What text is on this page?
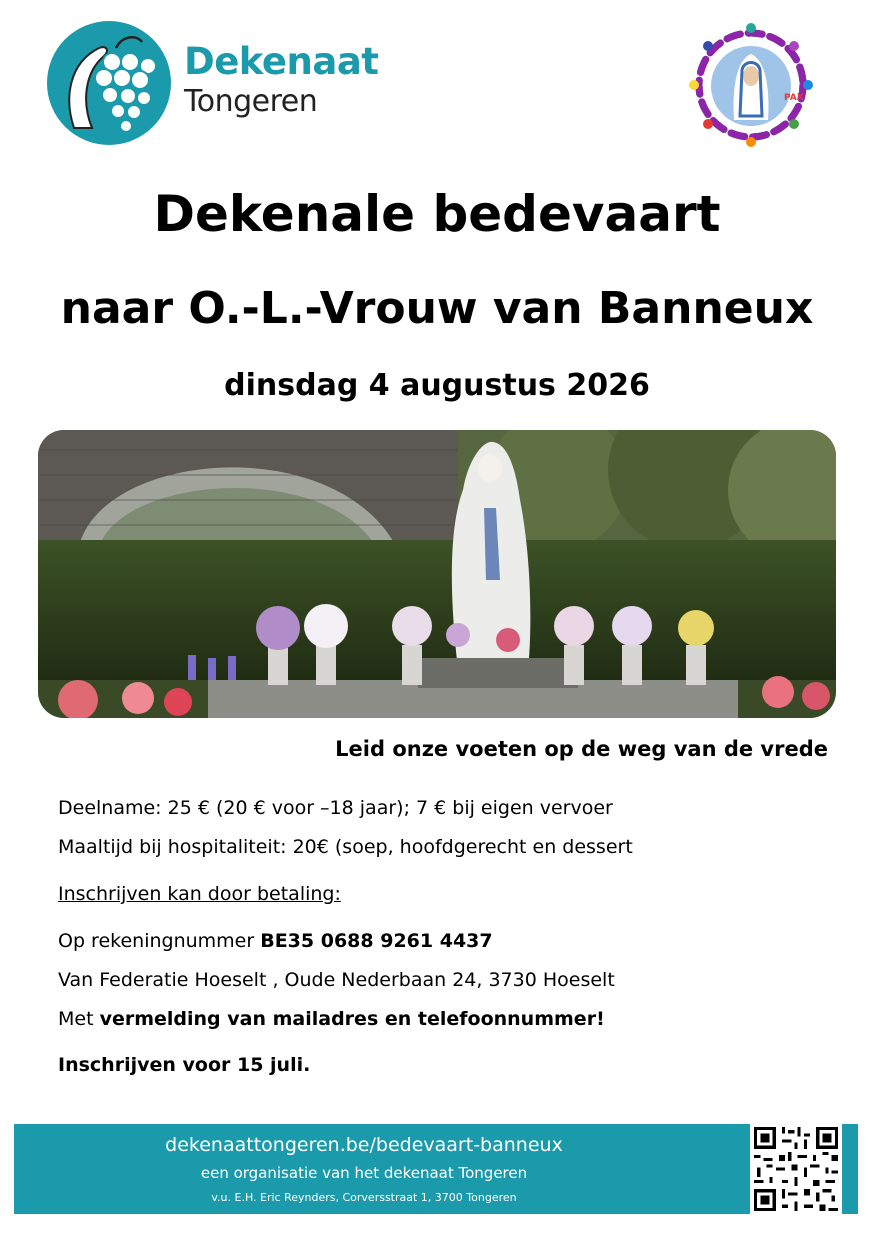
Dekenaat
Tongeren	PAX
Dekenale bedevaart
naar O.-L.-Vrouw van Banneux
dinsdag 4 augustus 2026
Leid onze voeten op de weg van de vrede
Deelname: 25 € (20 € voor –18 jaar); 7 € bij eigen vervoer
Maaltijd bij hospitaliteit: 20€ (soep, hoofdgerecht en dessert
Inschrijven kan door betaling:
Op rekeningnummer BE35 0688 9261 4437
Van Federatie Hoeselt , Oude Nederbaan 24, 3730 Hoeselt
Met vermelding van mailadres en telefoonnummer!
Inschrijven voor 15 juli.
dekenaattongeren.be/bedevaart-banneux
een organisatie van het dekenaat Tongeren
v.u. E.H. Eric Reynders, Corversstraat 1, 3700 Tongeren
